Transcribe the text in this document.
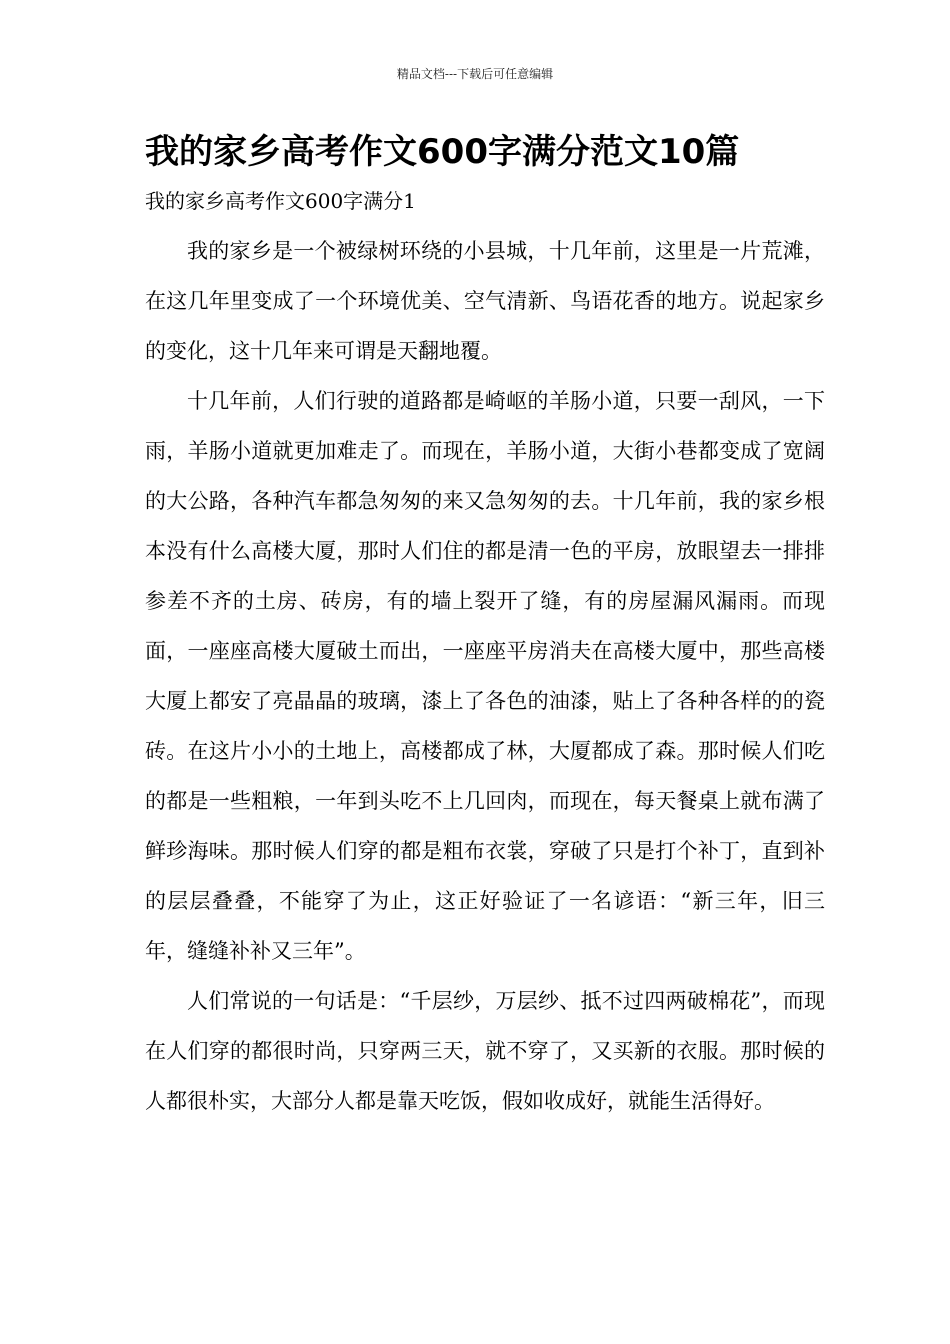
精品文档---下载后可任意编辑
我的家乡高考作文600字满分范文10篇
我的家乡高考作文600字满分1

我的家乡是一个被绿树环绕的小县城，十几年前，这里是一片荒滩，在这几年里变成了一个环境优美、空气清新、鸟语花香的地方。说起家乡的变化，这十几年来可谓是天翻地覆。

十几年前，人们行驶的道路都是崎岖的羊肠小道，只要一刮风，一下雨，羊肠小道就更加难走了。而现在，羊肠小道，大街小巷都变成了宽阔的大公路，各种汽车都急匆匆的来又急匆匆的去。十几年前，我的家乡根本没有什么高楼大厦，那时人们住的都是清一色的平房，放眼望去一排排参差不齐的土房、砖房，有的墙上裂开了缝，有的房屋漏风漏雨。而现面，一座座高楼大厦破土而出，一座座平房消夫在高楼大厦中，那些高楼大厦上都安了亮晶晶的玻璃，漆上了各色的油漆，贴上了各种各样的的瓷砖。在这片小小的土地上，高楼都成了林，大厦都成了森。那时候人们吃的都是一些粗粮，一年到头吃不上几回肉，而现在，每天餐桌上就布满了鲜珍海味。那时候人们穿的都是粗布衣裳，穿破了只是打个补丁，直到补的层层叠叠，不能穿了为止，这正好验证了一名谚语：“新三年，旧三年，缝缝补补又三年”。

人们常说的一句话是：“千层纱，万层纱、抵不过四两破棉花”，而现在人们穿的都很时尚，只穿两三天，就不穿了，又买新的衣服。那时候的人都很朴实，大部分人都是靠天吃饭，假如收成好，就能生活得好。
